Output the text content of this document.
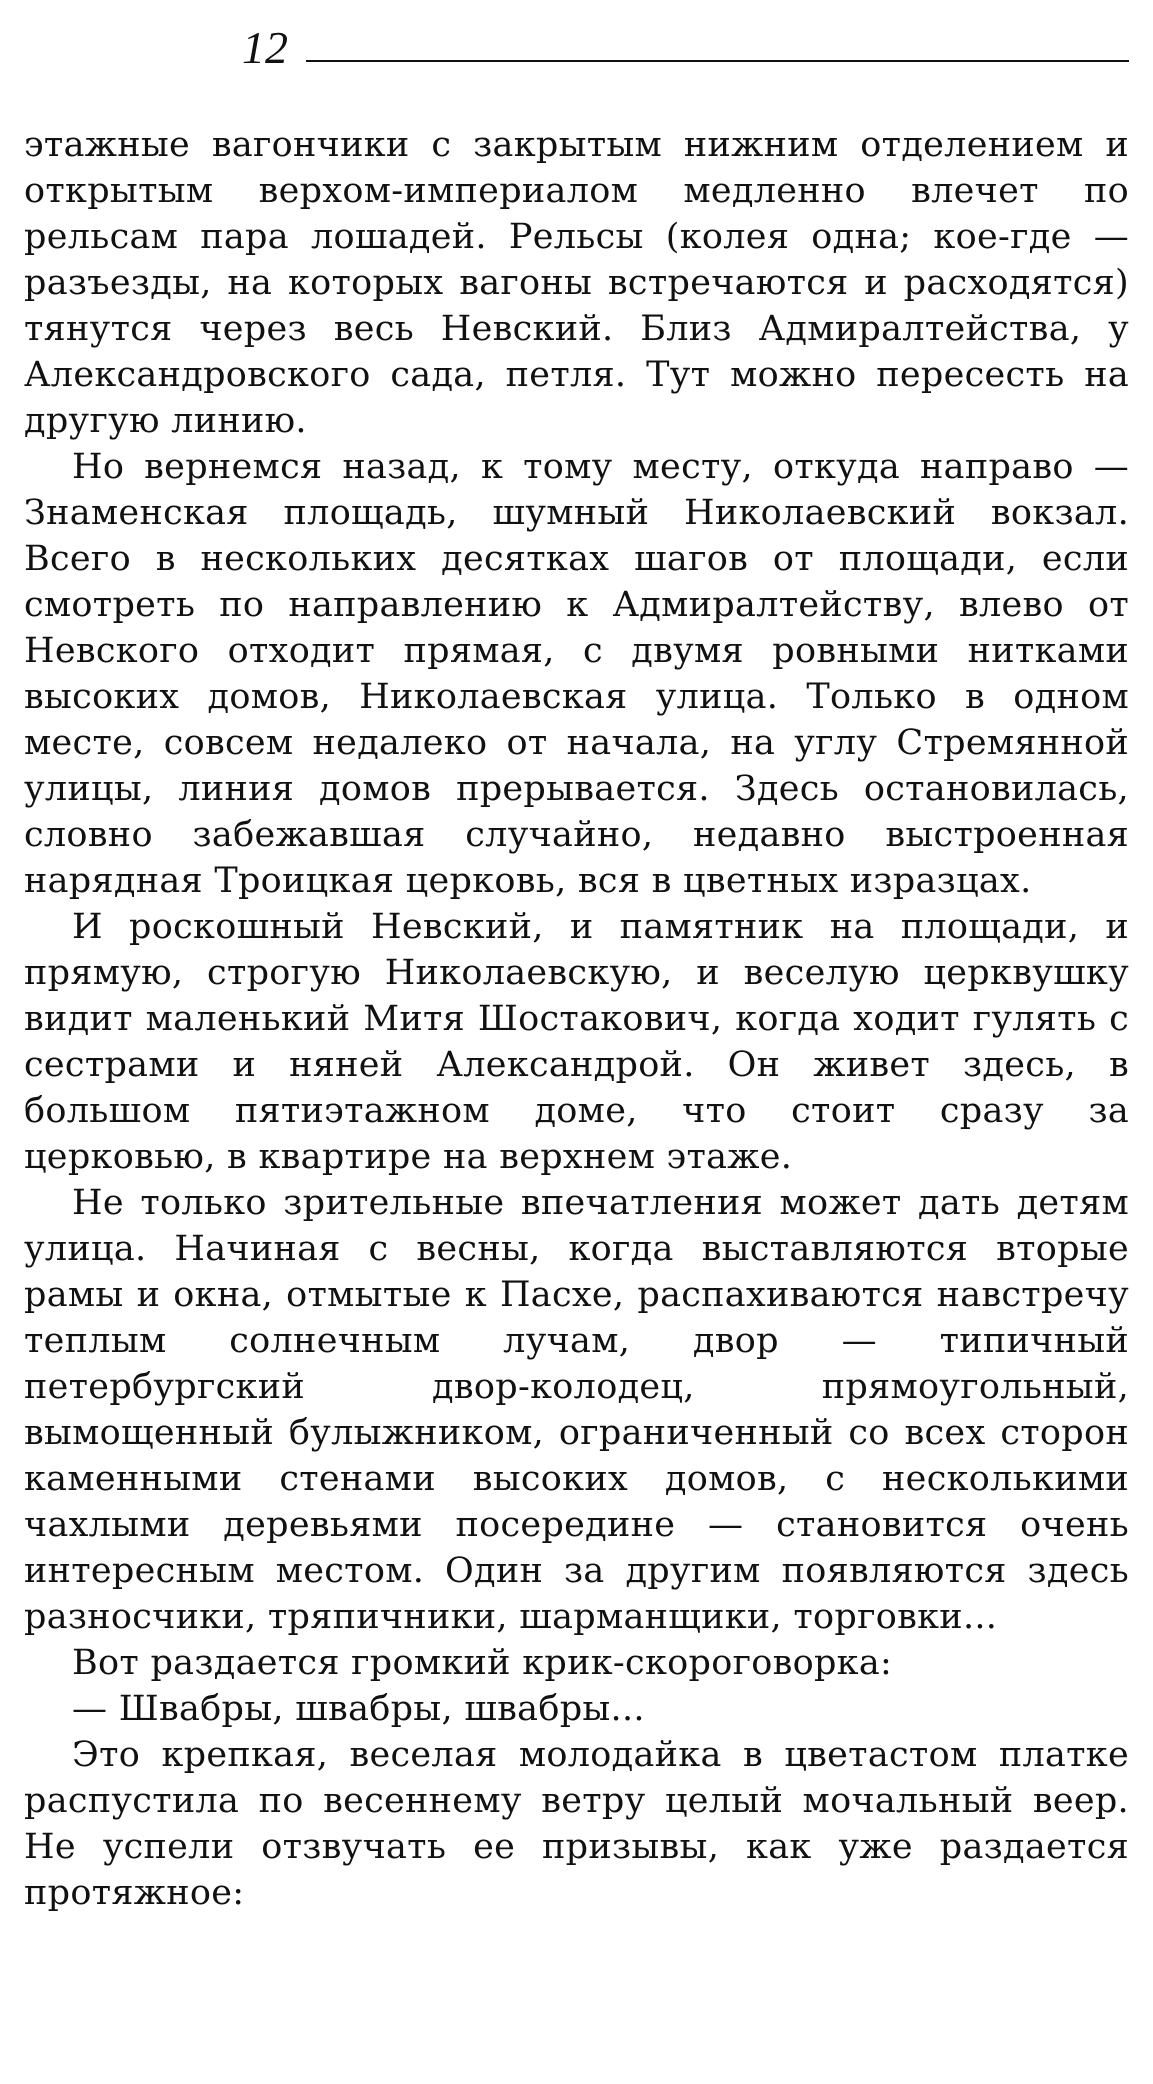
12

этажные вагончики с закрытым нижним отделением и открытым верхом-империалом медленно влечет по рельсам пара лошадей. Рельсы (колея одна; кое-где — разъезды, на которых вагоны встречаются и расходятся) тянутся через весь Невский. Близ Адмиралтейства, у Александровского сада, петля. Тут можно пересесть на другую линию.

Но вернемся назад, к тому месту, откуда направо — Знаменская площадь, шумный Николаевский вокзал. Всего в нескольких десятках шагов от площади, если смотреть по направлению к Адмиралтейству, влево от Невского отходит прямая, с двумя ровными нитками высоких домов, Николаевская улица. Только в одном месте, совсем недалеко от начала, на углу Стремянной улицы, линия домов прерывается. Здесь остановилась, словно забежавшая случайно, недавно выстроенная нарядная Троицкая церковь, вся в цветных изразцах.

И роскошный Невский, и памятник на площади, и прямую, строгую Николаевскую, и веселую церквушку видит маленький Митя Шостакович, когда ходит гулять с сестрами и няней Александрой. Он живет здесь, в большом пятиэтажном доме, что стоит сразу за церковью, в квартире на верхнем этаже.

Не только зрительные впечатления может дать детям улица. Начиная с весны, когда выставляются вторые рамы и окна, отмытые к Пасхе, распахиваются навстречу теплым солнечным лучам, двор — типичный петербургский двор-колодец, прямоугольный, вымощенный булыжником, ограниченный со всех сторон каменными стенами высоких домов, с несколькими чахлыми деревьями посередине — становится очень интересным местом. Один за другим появляются здесь разносчики, тряпичники, шарманщики, торговки...

Вот раздается громкий крик-скороговорка:

— Швабры, швабры, швабры...

Это крепкая, веселая молодайка в цветастом платке распустила по весеннему ветру целый мочальный веер. Не успели отзвучать ее призывы, как уже раздается протяжное:
